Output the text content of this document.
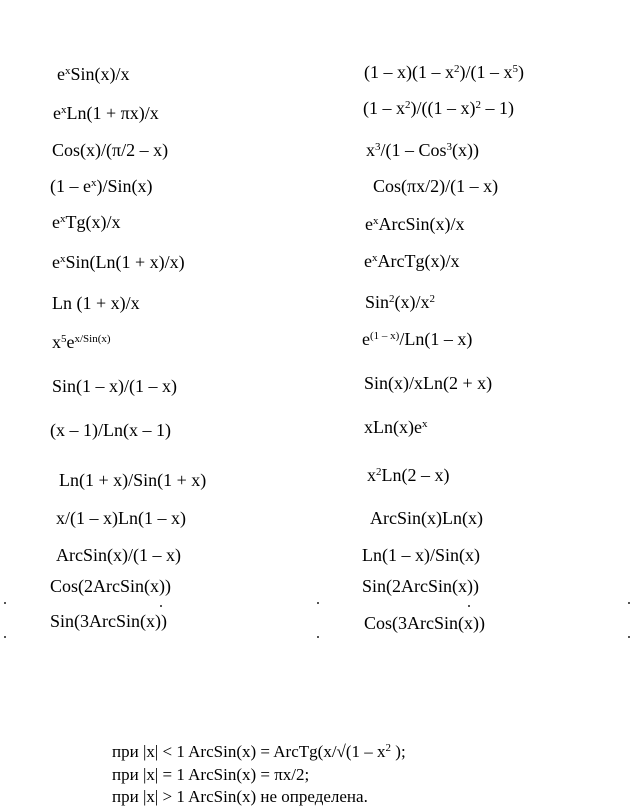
$e^xSin(x)/x$
$e^xLn(1 + \pi x)/x$
Cos(x)/(π/2 – x)
$(1 - e^x)/Sin(x)$
$e^xTg(x)/x$
$e^xSin(Ln(1 + x)/x)$
Ln (1 + x)/x
$x^5e^{x/Sin(x)}$
Sin(1 – x)/(1 – x)
(x – 1)/Ln(x – 1)
Ln(1 + x)/Sin(1 + x)
x/(1 – x)Ln(1 – x)
ArcSin(x)/(1 – x)
Cos(2ArcSin(x))
Sin(3ArcSin(x))
$(1 - x)(1 - x^2)/(1 - x^5)$
$(1 - x^2)/((1 - x)^2 - 1)$
$x^3/(1 - Cos^3(x))$
Cos(πx/2)/(1 – x)
$e^xArcSin(x)/x$
$e^xArcTg(x)/x$
$Sin^2(x)/x^2$
$e^{(1 - x)}/Ln(1 - x)$
Sin(x)/xLn(2 + x)
$xLn(x)e^x$
$x^2Ln(2 - x)$
ArcSin(x)Ln(x)
Ln(1 – x)/Sin(x)
Sin(2ArcSin(x))
Cos(3ArcSin(x))
при |x| < 1 ArcSin(x) = ArcTg(x/√(1 – $x^2$ );
при |x| = 1 ArcSin(x) = πx/2;
при |x| > 1 ArcSin(x) не определена.
